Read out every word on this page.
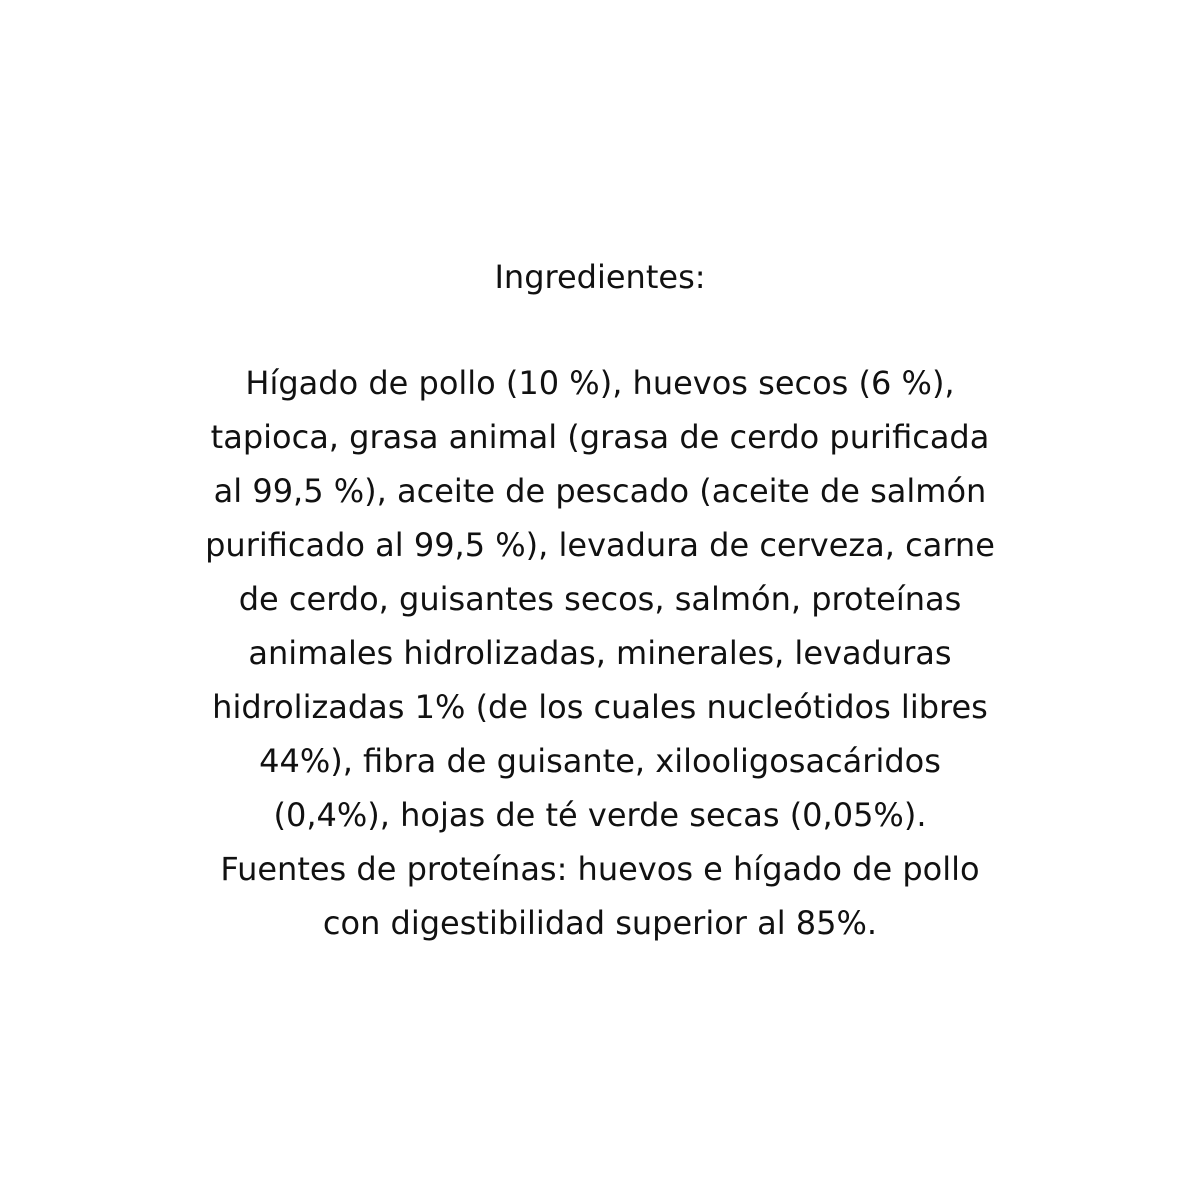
Ingredientes:

Hígado de pollo (10 %), huevos secos (6 %),
tapioca, grasa animal (grasa de cerdo purificada
al 99,5 %), aceite de pescado (aceite de salmón
purificado al 99,5 %), levadura de cerveza, carne
de cerdo, guisantes secos, salmón, proteínas
animales hidrolizadas, minerales, levaduras
hidrolizadas 1% (de los cuales nucleótidos libres
44%), fibra de guisante, xilooligosacáridos
(0,4%), hojas de té verde secas (0,05%).
Fuentes de proteínas: huevos e hígado de pollo
con digestibilidad superior al 85%.
